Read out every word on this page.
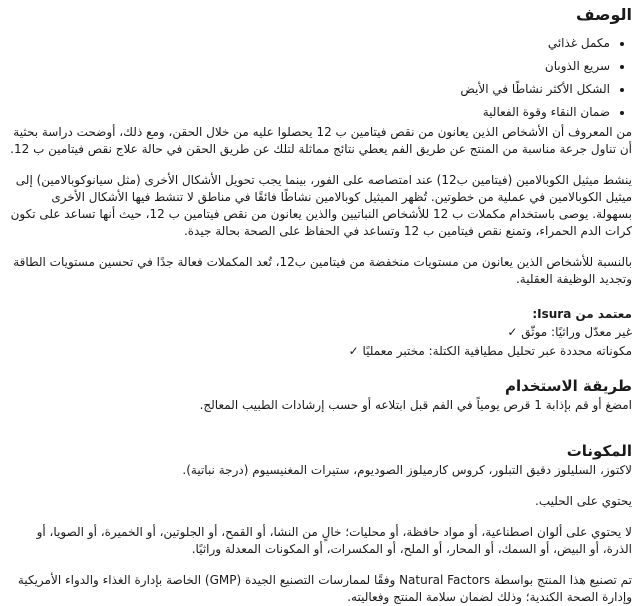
الوصف
• مكمل غذائي
• سريع الذوبان
• الشكل الأكثر نشاطًا في الأيض
• ضمان النقاء وقوة الفعالية

من المعروف أن الأشخاص الذين يعانون من نقص فيتامين ب 12 يحصلوا عليه من خلال الحقن، ومع ذلك، أوضحت دراسة بحثية أن تناول جرعة مناسبة من المنتج عن طريق الفم يعطي نتائج مماثلة لتلك عن طريق الحقن في حالة علاج نقص فيتامين ب 12.

ينشط ميثيل الكوبالامين (فيتامين ب12) عند امتصاصه على الفور، بينما يجب تحويل الأشكال الأخرى (مثل سيانوكوبالامين) إلى ميثيل الكوبالامين في عملية من خطوتين. تُظهر الميثيل كوبالامين نشاطًا فائقًا في مناطق لا تنشط فيها الأشكال الأخرى بسهولة. يوصى باستخدام مكملات ب 12 للأشخاص النباتيين والذين يعانون من نقص فيتامين ب 12، حيث أنها تساعد على تكون كرات الدم الحمراء، وتمنع نقص فيتامين ب 12 وتساعد في الحفاظ على الصحة بحالة جيدة.

بالنسبة للأشخاص الذين يعانون من مستويات منخفضة من فيتامين ب12، تُعد المكملات فعالة جدًا في تحسين مستويات الطاقة وتجديد الوظيفة العقلية.

معتمد من Isura:
غير معدّل وراثيًا: موثّق ✓
مكوناته محددة عبر تحليل مطيافية الكتلة: مختبر معمليًا ✓
طريقة الاستخدام

امضغ أو قم بإذابة 1 قرص يومياً في الفم قبل ابتلاعه أو حسب إرشادات الطبيب المعالج.

المكونات

لاكتوز، السليلوز دقيق التبلور، كروس كارميلوز الصوديوم، ستيرات المغنيسيوم (درجة نباتية).

يحتوي على الحليب.

لا يحتوي على ألوان اصطناعية، أو مواد حافظة، أو محليات؛ خالٍ من النشا، أو القمح، أو الجلوتين، أو الخميرة، أو الصويا، أو الذرة، أو البيض، أو السمك، أو المحار، أو الملح، أو المكسرات، أو المكونات المعدلة وراثيًا.

تم تصنيع هذا المنتج بواسطة Natural Factors وفقًا لممارسات التصنيع الجيدة (GMP) الخاصة بإدارة الغذاء والدواء الأمريكية وإدارة الصحة الكندية؛ وذلك لضمان سلامة المنتج وفعاليته.
